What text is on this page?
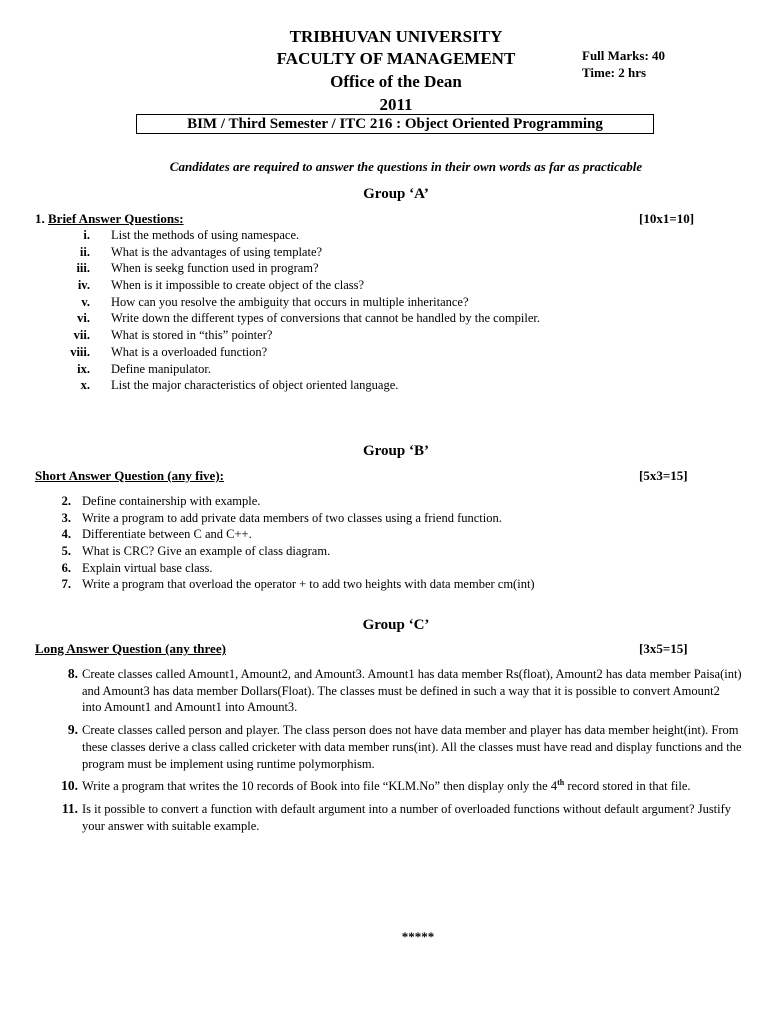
TRIBHUVAN UNIVERSITY
FACULTY OF MANAGEMENT
Office of the Dean
2011
Full Marks: 40
Time: 2 hrs
BIM / Third Semester / ITC 216 : Object Oriented Programming
Candidates are required to answer the questions in their own words as far as practicable
Group ‘A’
1. Brief Answer Questions:	[10x1=10]
i. List the methods of using namespace.
ii. What is the advantages of using template?
iii. When is seekg function used in program?
iv. When is it impossible to create object of the class?
v. How can you resolve the ambiguity that occurs in multiple inheritance?
vi. Write down the different types of conversions that cannot be handled by the compiler.
vii. What is stored in “this” pointer?
viii. What is a overloaded function?
ix. Define manipulator.
x. List the major characteristics of object oriented language.
Group ‘B’
Short Answer Question (any five):	[5x3=15]
2. Define containership with example.
3. Write a program to add private data members of two classes using a friend function.
4. Differentiate between C and C++.
5. What is CRC? Give an example of class diagram.
6. Explain virtual base class.
7. Write a program that overload the operator + to add two heights with data member cm(int)
Group ‘C’
Long Answer Question (any three)	[3x5=15]
8. Create classes called Amount1, Amount2, and Amount3. Amount1 has data member Rs(float), Amount2 has data member Paisa(int) and Amount3 has data member Dollars(Float). The classes must be defined in such a way that it is possible to convert Amount2 into Amount1 and Amount1 into Amount3.
9. Create classes called person and player. The class person does not have data member and player has data member height(int). From these classes derive a class called cricketer with data member runs(int). All the classes must have read and display functions and the program must be implement using runtime polymorphism.
10. Write a program that writes the 10 records of Book into file “KLM.No” then display only the 4th record stored in that file.
11. Is it possible to convert a function with default argument into a number of overloaded functions without default argument? Justify your answer with suitable example.
*****
